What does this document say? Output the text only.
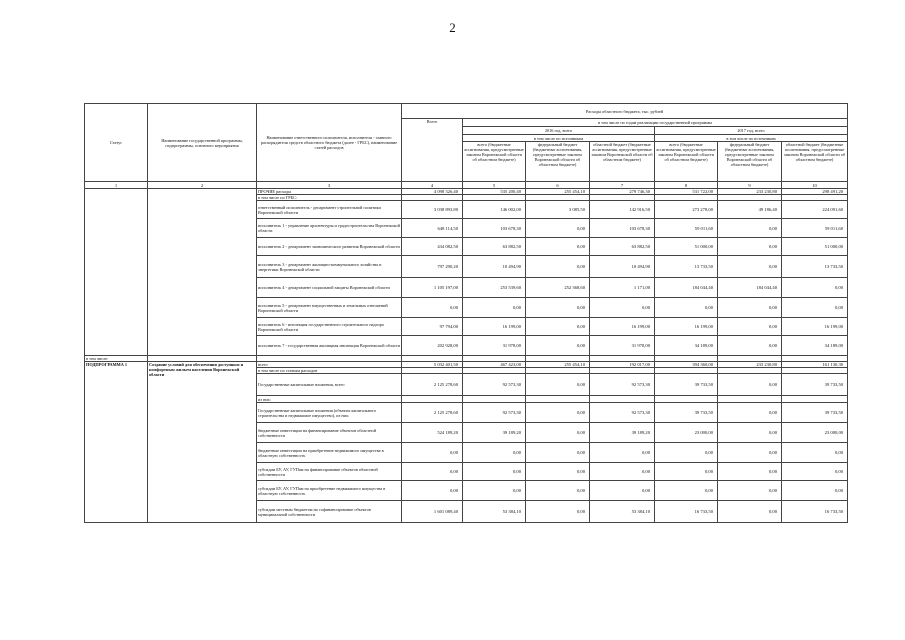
2
Статус	Наименование государственной программы, подпрограммы, основного мероприятия	Наименование ответственного исполнителя, исполнителя - главного распорядителя средств областного бюджета (далее - ГРБС), наименование статей расходов	Расходы областного бюджета, тыс. рублей						
			Всего	в том числе по годам реализации государственной программы					
				2016 год, всего			2017 год, всего		
				в том числе по источникам			в том числе по источникам		
				всего (бюджетные ассигнования, предусмотренные законом Воронежской области об областном бюджете)	федеральный бюджет (бюджетные ассигнования, предусмотренные законом Воронежской области об областном бюджете)	областной бюджет (бюджетные ассигнования, предусмотренные законом Воронежской области об областном бюджете)	всего (бюджетные ассигнования, предусмотренные законом Воронежской области об областном бюджете)	федеральный бюджет (бюджетные ассигнования, предусмотренные законом Воронежской области об областном бюджете)	областной бюджет (бюджетные ассигнования, предусмотренные законом Воронежской области об областном бюджете)
1	2	3	4	5	6	7	8	9	10
		ПРОЧИЕ расходы	4 098 326,40	535 200,40	255 454,10	279 746,30	531 722,00	233 230,80	298 491,20
		в том числе по ГРБС:							
		ответственный исполнитель - департамент строительной политики Воронежской области	3 038 893,80	146 002,00	3 085,50	142 916,50	273 278,00	49 186,40	224 091,60
		исполнитель 1 - управление архитектуры и градостроительства Воронежской области	648 114,50	103 678,30	0,00	103 678,30	59 011,60	0,00	59 011,60
		исполнитель 2 - департамент экономического развития Воронежской области	434 082,50	63 882,50	0,00	63 882,50	51 000,00	0,00	51 000,00
		исполнитель 3 - департамент жилищно-коммунального хозяйства и энергетики Воронежской области	797 290,20	10 494,90	0,00	10 494,90	13 733,50	0,00	13 733,50
		исполнитель 4 - департамент социальной защиты Воронежской области	1 105 197,00	253 539,60	252 368,60	1 171,00	184 044,40	184 044,40	0,00
		исполнитель 5 - департамент имущественных и земельных отношений Воронежской области	0,00	0,00	0,00	0,00	0,00	0,00	0,00
		исполнитель 6 - инспекция государственного строительного надзора Воронежской области	97 794,00	16 199,00	0,00	16 199,00	16 199,00	0,00	16 199,00
		исполнитель 7 - государственная жилищная инспекция Воронежской области	202 928,00	31 978,00	0,00	31 978,00	34 189,00	0,00	34 189,00
в том числе:									
ПОДПРОГРАММА 1	Создание условий для обеспечения доступным и комфортным жильем населения Воронежской области	всего	5 032 401,50	467 423,00	255 454,10	192 017,00	394 360,00	233 230,80	161 130,30
		в том числе по статьям расходов							
		Государственные капитальные вложения, всего	2 125 278,60	92 573,30	0,00	92 573,30	39 733,50	0,00	39 733,50
		из них:							
		Государственные капитальные вложения (объекты капитального строительства и недвижимое имущество), из них:	2 125 278,60	92 573,30	0,00	92 573,30	39 733,50	0,00	39 733,50
		бюджетные инвестиции на финансирование объектов областной собственности	524 189,20	39 189,20	0,00	39 189,20	23 000,00	0,00	23 000,00
		бюджетные инвестиции на приобретение недвижимого имущества в областную собственность	0,00	0,00	0,00	0,00	0,00	0,00	0,00
		субсидии БУ, АУ, ГУПам на финансирование объектов областной собственности	0,00	0,00	0,00	0,00	0,00	0,00	0,00
		субсидии БУ, АУ, ГУПам на приобретение недвижимого имущества в областную собственность	0,00	0,00	0,00	0,00	0,00	0,00	0,00
		субсидии местным бюджетам на софинансирование объектов муниципальной собственности	1 601 089,40	53 384,10	0,00	53 384,10	16 733,50	0,00	16 733,50
